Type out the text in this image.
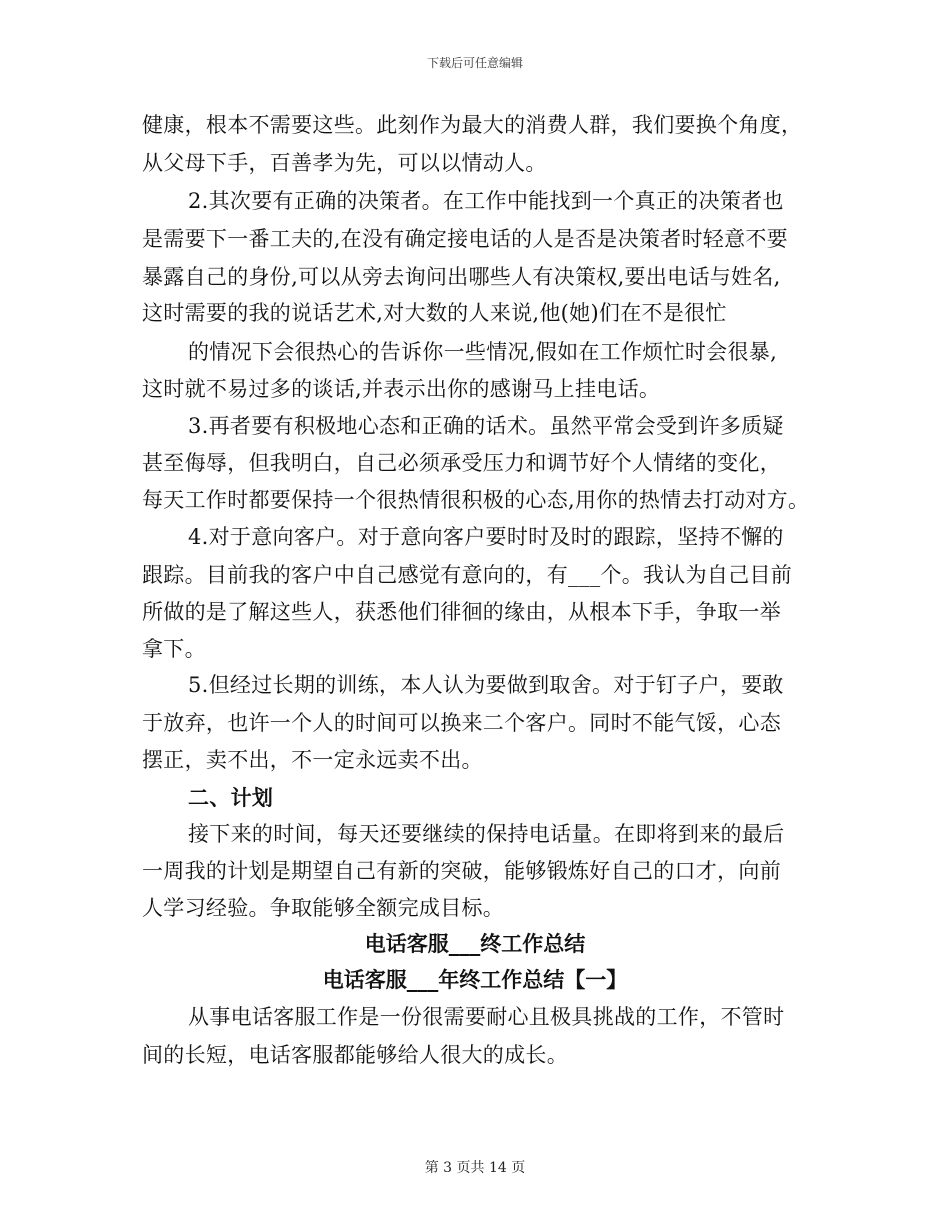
下载后可任意编辑
健康，根本不需要这些。此刻作为最大的消费人群，我们要换个角度，
从父母下手，百善孝为先，可以以情动人。
2.其次要有正确的决策者。在工作中能找到一个真正的决策者也
是需要下一番工夫的,在没有确定接电话的人是否是决策者时轻意不要
暴露自己的身份,可以从旁去询问出哪些人有决策权,要出电话与姓名,
这时需要的我的说话艺术,对大数的人来说,他(她)们在不是很忙
的情况下会很热心的告诉你一些情况,假如在工作烦忙时会很暴,
这时就不易过多的谈话,并表示出你的感谢马上挂电话。
3.再者要有积极地心态和正确的话术。虽然平常会受到许多质疑
甚至侮辱，但我明白，自己必须承受压力和调节好个人情绪的变化，
每天工作时都要保持一个很热情很积极的心态,用你的热情去打动对方。
4.对于意向客户。对于意向客户要时时及时的跟踪，坚持不懈的
跟踪。目前我的客户中自己感觉有意向的，有___个。我认为自己目前
所做的是了解这些人，获悉他们徘徊的缘由，从根本下手，争取一举
拿下。
5.但经过长期的训练，本人认为要做到取舍。对于钉子户，要敢
于放弃，也许一个人的时间可以换来二个客户。同时不能气馁，心态
摆正，卖不出，不一定永远卖不出。
二、计划
接下来的时间，每天还要继续的保持电话量。在即将到来的最后
一周我的计划是期望自己有新的突破，能够锻炼好自己的口才，向前
人学习经验。争取能够全额完成目标。
电话客服___终工作总结
电话客服___年终工作总结【一】
从事电话客服工作是一份很需要耐心且极具挑战的工作，不管时
间的长短，电话客服都能够给人很大的成长。
第 3 页共 14 页
